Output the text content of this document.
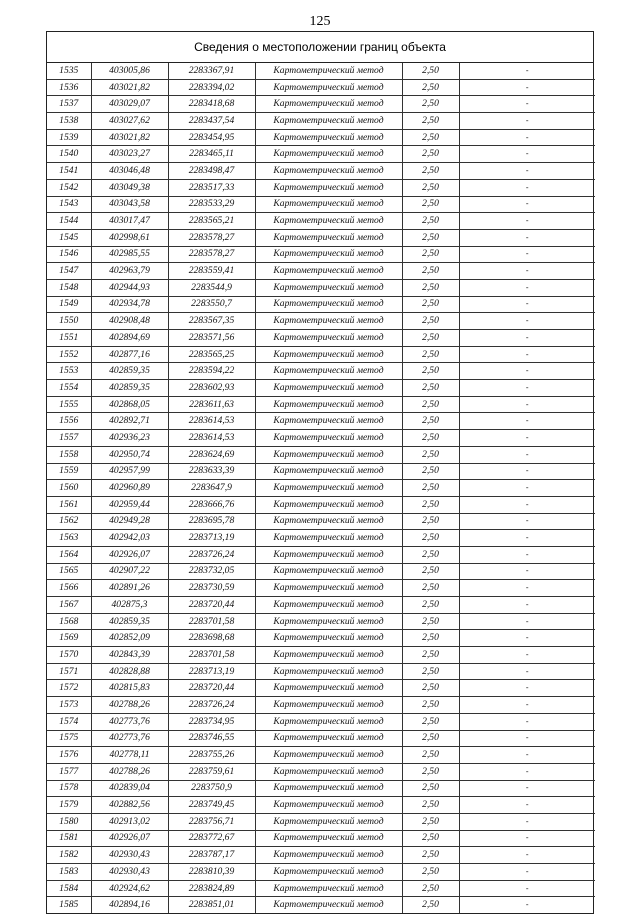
125
Сведения о местоположении границ объекта
1535	403005,86	2283367,91	Картометрический метод	2,50	-
1536	403021,82	2283394,02	Картометрический метод	2,50	-
1537	403029,07	2283418,68	Картометрический метод	2,50	-
1538	403027,62	2283437,54	Картометрический метод	2,50	-
1539	403021,82	2283454,95	Картометрический метод	2,50	-
1540	403023,27	2283465,11	Картометрический метод	2,50	-
1541	403046,48	2283498,47	Картометрический метод	2,50	-
1542	403049,38	2283517,33	Картометрический метод	2,50	-
1543	403043,58	2283533,29	Картометрический метод	2,50	-
1544	403017,47	2283565,21	Картометрический метод	2,50	-
1545	402998,61	2283578,27	Картометрический метод	2,50	-
1546	402985,55	2283578,27	Картометрический метод	2,50	-
1547	402963,79	2283559,41	Картометрический метод	2,50	-
1548	402944,93	2283544,9	Картометрический метод	2,50	-
1549	402934,78	2283550,7	Картометрический метод	2,50	-
1550	402908,48	2283567,35	Картометрический метод	2,50	-
1551	402894,69	2283571,56	Картометрический метод	2,50	-
1552	402877,16	2283565,25	Картометрический метод	2,50	-
1553	402859,35	2283594,22	Картометрический метод	2,50	-
1554	402859,35	2283602,93	Картометрический метод	2,50	-
1555	402868,05	2283611,63	Картометрический метод	2,50	-
1556	402892,71	2283614,53	Картометрический метод	2,50	-
1557	402936,23	2283614,53	Картометрический метод	2,50	-
1558	402950,74	2283624,69	Картометрический метод	2,50	-
1559	402957,99	2283633,39	Картометрический метод	2,50	-
1560	402960,89	2283647,9	Картометрический метод	2,50	-
1561	402959,44	2283666,76	Картометрический метод	2,50	-
1562	402949,28	2283695,78	Картометрический метод	2,50	-
1563	402942,03	2283713,19	Картометрический метод	2,50	-
1564	402926,07	2283726,24	Картометрический метод	2,50	-
1565	402907,22	2283732,05	Картометрический метод	2,50	-
1566	402891,26	2283730,59	Картометрический метод	2,50	-
1567	402875,3	2283720,44	Картометрический метод	2,50	-
1568	402859,35	2283701,58	Картометрический метод	2,50	-
1569	402852,09	2283698,68	Картометрический метод	2,50	-
1570	402843,39	2283701,58	Картометрический метод	2,50	-
1571	402828,88	2283713,19	Картометрический метод	2,50	-
1572	402815,83	2283720,44	Картометрический метод	2,50	-
1573	402788,26	2283726,24	Картометрический метод	2,50	-
1574	402773,76	2283734,95	Картометрический метод	2,50	-
1575	402773,76	2283746,55	Картометрический метод	2,50	-
1576	402778,11	2283755,26	Картометрический метод	2,50	-
1577	402788,26	2283759,61	Картометрический метод	2,50	-
1578	402839,04	2283750,9	Картометрический метод	2,50	-
1579	402882,56	2283749,45	Картометрический метод	2,50	-
1580	402913,02	2283756,71	Картометрический метод	2,50	-
1581	402926,07	2283772,67	Картометрический метод	2,50	-
1582	402930,43	2283787,17	Картометрический метод	2,50	-
1583	402930,43	2283810,39	Картометрический метод	2,50	-
1584	402924,62	2283824,89	Картометрический метод	2,50	-
1585	402894,16	2283851,01	Картометрический метод	2,50	-
